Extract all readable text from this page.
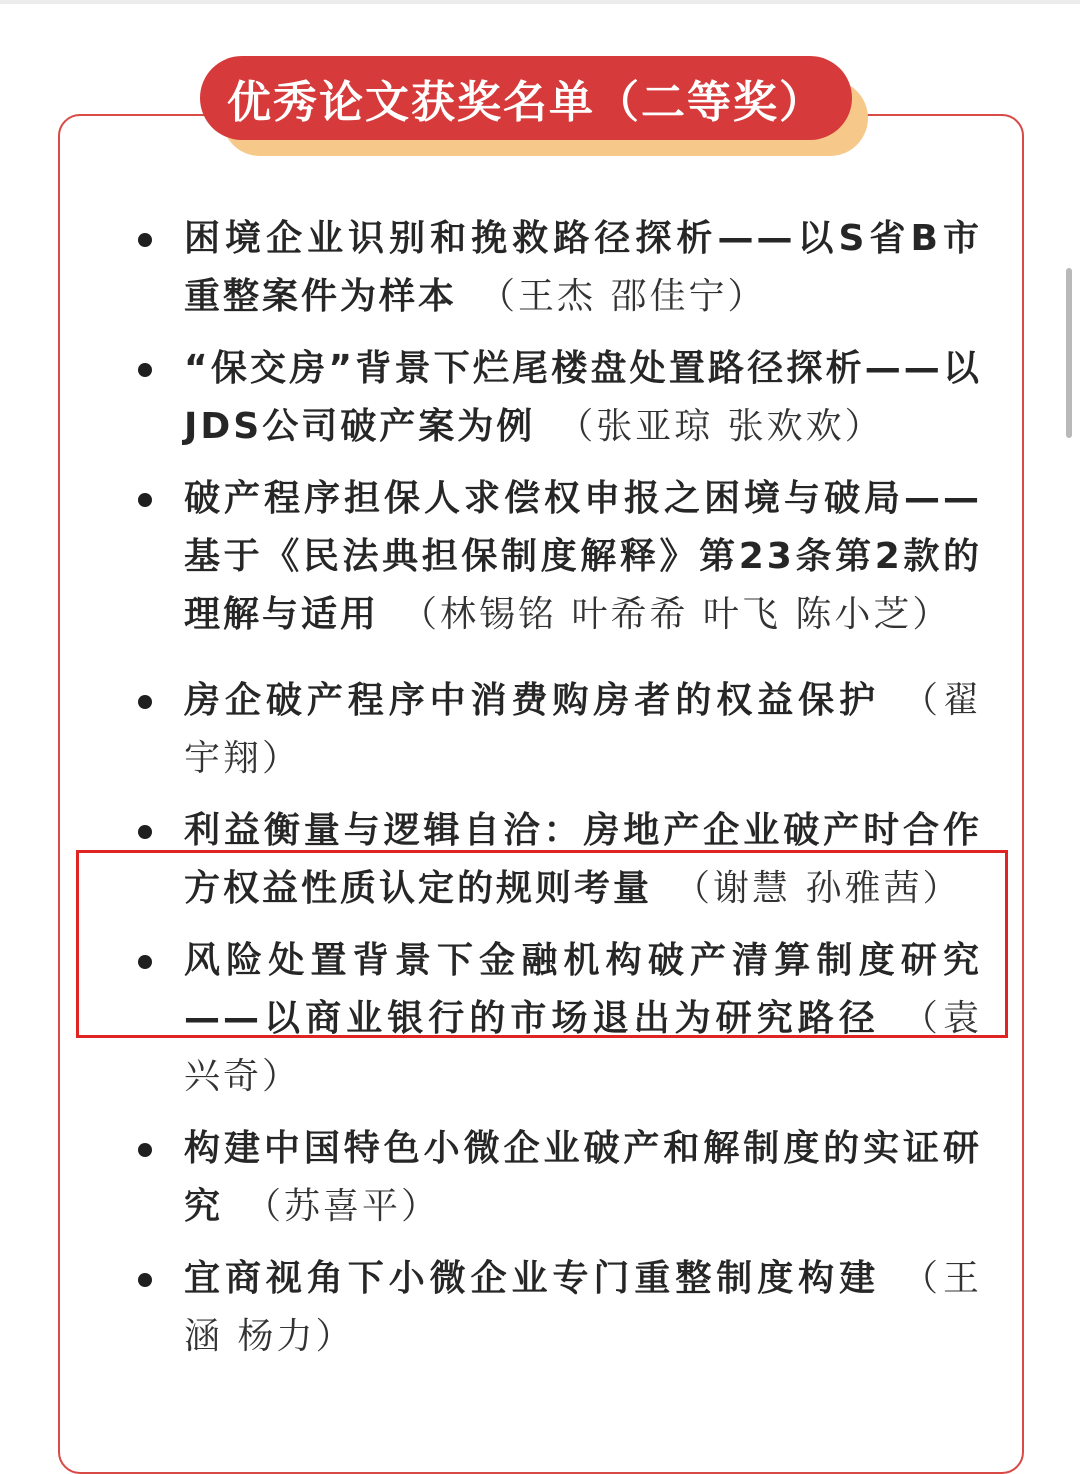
优秀论文获奖名单（二等奖）
困境企业识别和挽救路径探析——以S省B市重整案件为样本 （王杰 邵佳宁）
“保交房”背景下烂尾楼盘处置路径探析——以JDS公司破产案为例 （张亚琼 张欢欢）
破产程序担保人求偿权申报之困境与破局——基于《民法典担保制度解释》第23条第2款的理解与适用 （林锡铭 叶希希 叶飞 陈小芝）
房企破产程序中消费购房者的权益保护 （翟宇翔）
利益衡量与逻辑自洽：房地产企业破产时合作方权益性质认定的规则考量 （谢慧 孙雅茜）
风险处置背景下金融机构破产清算制度研究——以商业银行的市场退出为研究路径 （袁兴奇）
构建中国特色小微企业破产和解制度的实证研究 （苏喜平）
宜商视角下小微企业专门重整制度构建 （王涵 杨力）
